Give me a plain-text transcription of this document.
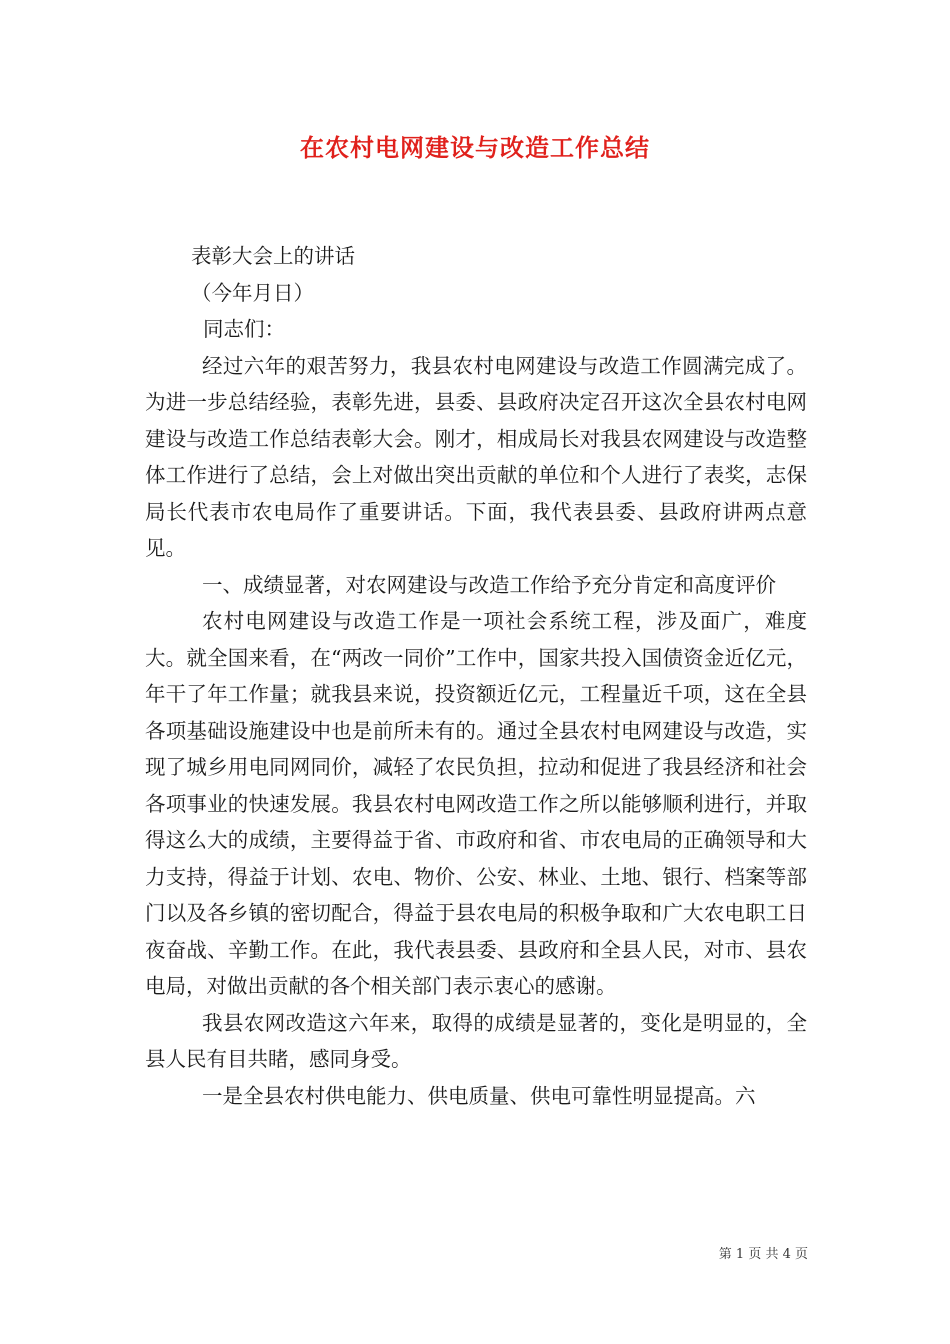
在农村电网建设与改造工作总结

表彰大会上的讲话

（今年月日）

同志们：

经过六年的艰苦努力，我县农村电网建设与改造工作圆满完成了。为进一步总结经验，表彰先进，县委、县政府决定召开这次全县农村电网建设与改造工作总结表彰大会。刚才，相成局长对我县农网建设与改造整体工作进行了总结，会上对做出突出贡献的单位和个人进行了表奖，志保局长代表市农电局作了重要讲话。下面，我代表县委、县政府讲两点意见。

一、成绩显著，对农网建设与改造工作给予充分肯定和高度评价

农村电网建设与改造工作是一项社会系统工程，涉及面广，难度大。就全国来看，在“两改一同价”工作中，国家共投入国债资金近亿元，年干了年工作量；就我县来说，投资额近亿元，工程量近千项，这在全县各项基础设施建设中也是前所未有的。通过全县农村电网建设与改造，实现了城乡用电同网同价，减轻了农民负担，拉动和促进了我县经济和社会各项事业的快速发展。我县农村电网改造工作之所以能够顺利进行，并取得这么大的成绩，主要得益于省、市政府和省、市农电局的正确领导和大力支持，得益于计划、农电、物价、公安、林业、土地、银行、档案等部门以及各乡镇的密切配合，得益于县农电局的积极争取和广大农电职工日夜奋战、辛勤工作。在此，我代表县委、县政府和全县人民，对市、县农电局，对做出贡献的各个相关部门表示衷心的感谢。

我县农网改造这六年来，取得的成绩是显著的，变化是明显的，全县人民有目共睹，感同身受。

一是全县农村供电能力、供电质量、供电可靠性明显提高。六

第 1 页 共 4 页
